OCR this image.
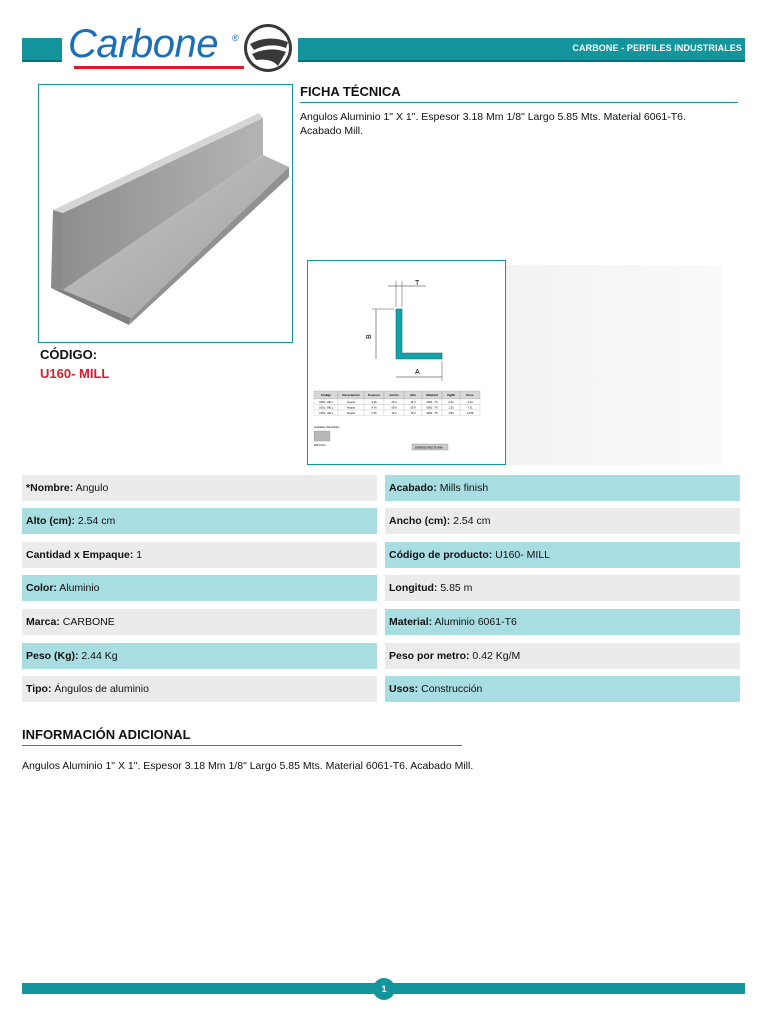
CARBONE - PERFILES INDUSTRIALES
Carbone ®
CÓDIGO:
U160- MILL
FICHA TÉCNICA
Angulos Aluminio 1" X 1". Espesor 3.18 Mm 1/8" Largo 5.85 Mts. Material 6061-T6. Acabado Mill.
T
B
A
Código	Descripción	Espesor	Ancho	Alto	Material	Kg/M	Peso
U160 - MILL	Angulo	3.18	25.4	25.4	6061 - T6	0.42	2.44
U161 - MILL	Angulo	4.76	50.8	50.8	6061 - T6	1.25	7.31
U162 - MILL	Angulo	6.35	76.2	76.2	6061 - T6	2.55	14.89
Acabados disponibles
Mill Finish
DIMENSIONES EN MM
*Nombre: Angulo	Acabado: Mills finish
Alto (cm): 2.54 cm	Ancho (cm): 2.54 cm
Cantidad x Empaque: 1	Código de producto: U160- MILL
Color: Aluminio	Longitud: 5.85 m
Marca: CARBONE	Material: Aluminio 6061-T6
Peso (Kg): 2.44 Kg	Peso por metro: 0.42 Kg/M
Tipo: Ángulos de aluminio	Usos: Construcción
INFORMACIÓN ADICIONAL
Angulos Aluminio 1" X 1". Espesor 3.18 Mm 1/8" Largo 5.85 Mts. Material 6061-T6. Acabado Mill.
1
